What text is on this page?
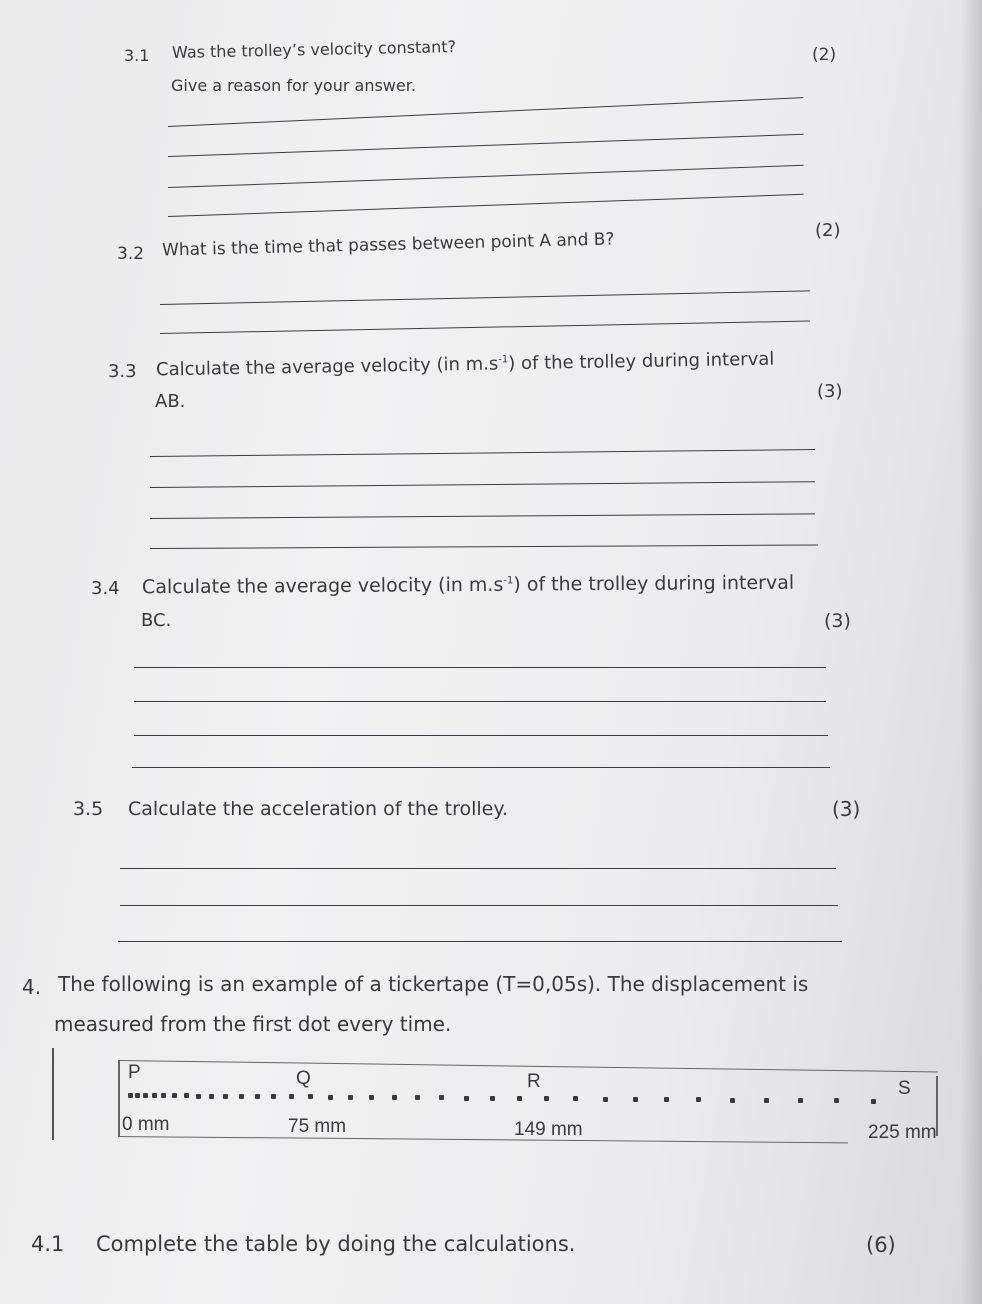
3.1 Was the trolley’s velocity constant?	(2)
Give a reason for your answer.
3.2 What is the time that passes between point A and B?	(2)
3.3 Calculate the average velocity (in $m.s^{-1}$) of the trolley during interval
AB.	(3)
3.4 Calculate the average velocity (in $m.s^{-1}$) of the trolley during interval
BC.	(3)
3.5 Calculate the acceleration of the trolley.	(3)
4. The following is an example of a tickertape (T=0,05s). The displacement is
measured from the first dot every time.
P	Q	R	S
0 mm	75 mm	149 mm	225 mm
4.1 Complete the table by doing the calculations.	(6)
